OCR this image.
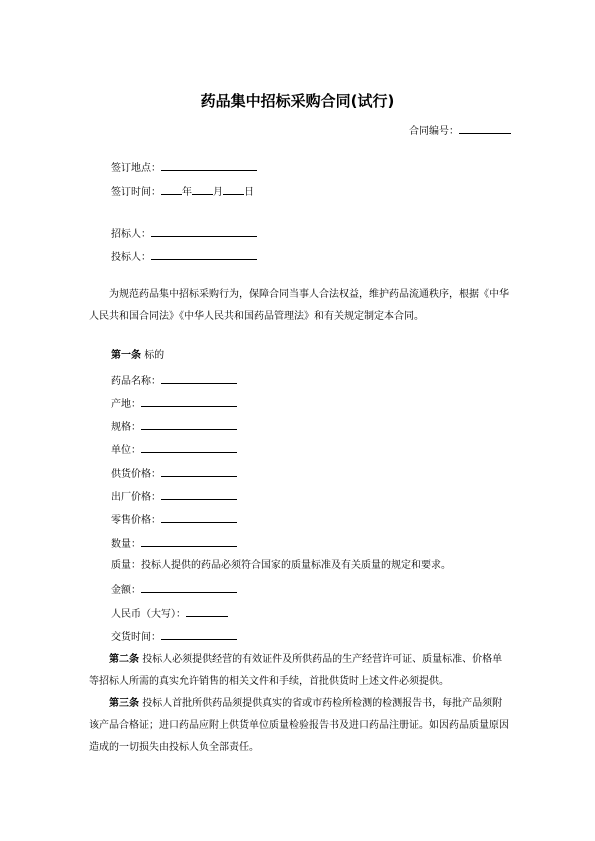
药品集中招标采购合同(试行)
合同编号：
签订地点：
签订时间： 年 月 日
招标人：
投标人：
为规范药品集中招标采购行为，保障合同当事人合法权益，维护药品流通秩序，根据《中华人民共和国合同法》《中华人民共和国药品管理法》和有关规定制定本合同。
第一条 标的
药品名称：
产地：
规格：
单位：
供货价格：
出厂价格：
零售价格：
数量：
质量：投标人提供的药品必须符合国家的质量标准及有关质量的规定和要求。
金额：
人民币（大写）：
交货时间：
第二条 投标人必须提供经营的有效证件及所供药品的生产经营许可证、质量标准、价格单等招标人所需的真实允许销售的相关文件和手续，首批供货时上述文件必须提供。
第三条 投标人首批所供药品须提供真实的省或市药检所检测的检测报告书，每批产品须附该产品合格证；进口药品应附上供货单位质量检验报告书及进口药品注册证。如因药品质量原因造成的一切损失由投标人负全部责任。
